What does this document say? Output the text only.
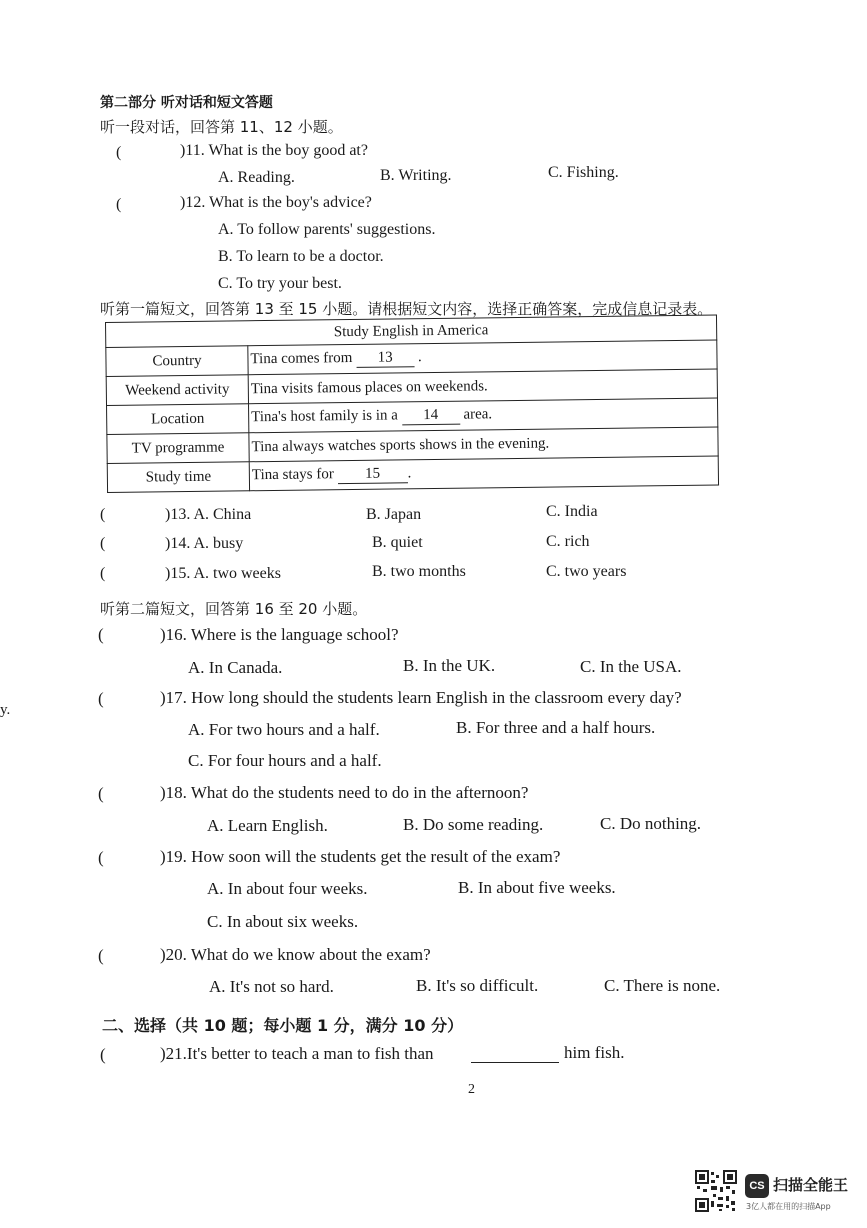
第二部分 听对话和短文答题
听一段对话，回答第 11、12 小题。
(	)11. What is the boy good at?
A. Reading.	B. Writing.	C. Fishing.
(	)12. What is the boy's advice?
A. To follow parents' suggestions.
B. To learn to be a doctor.
C. To try your best.
听第一篇短文，回答第 13 至 15 小题。请根据短文内容，选择正确答案，完成信息记录表。
Study English in America	
Country	Tina comes from 13 .
Weekend activity	Tina visits famous places on weekends.
Location	Tina's host family is in a 14 area.
TV programme	Tina always watches sports shows in the evening.
Study time	Tina stays for 15 .
(	)13. A. China	B. Japan	C. India
(	)14. A. busy	B. quiet	C. rich
(	)15. A. two weeks	B. two months	C. two years
听第二篇短文，回答第 16 至 20 小题。
(	)16. Where is the language school?
A. In Canada.	B. In the UK.	C. In the USA.
y.
(	)17. How long should the students learn English in the classroom every day?
A. For two hours and a half.	B. For three and a half hours.
C. For four hours and a half.
(	)18. What do the students need to do in the afternoon?
A. Learn English.	B. Do some reading.	C. Do nothing.
(	)19. How soon will the students get the result of the exam?
A. In about four weeks.	B. In about five weeks.
C. In about six weeks.
(	)20. What do we know about the exam?
A. It's not so hard.	B. It's so difficult.	C. There is none.
二、选择（共 10 题；每小题 1 分，满分 10 分）
(	)21.It's better to teach a man to fish than	him fish.
2
CS 扫描全能王
3亿人都在用的扫描App
